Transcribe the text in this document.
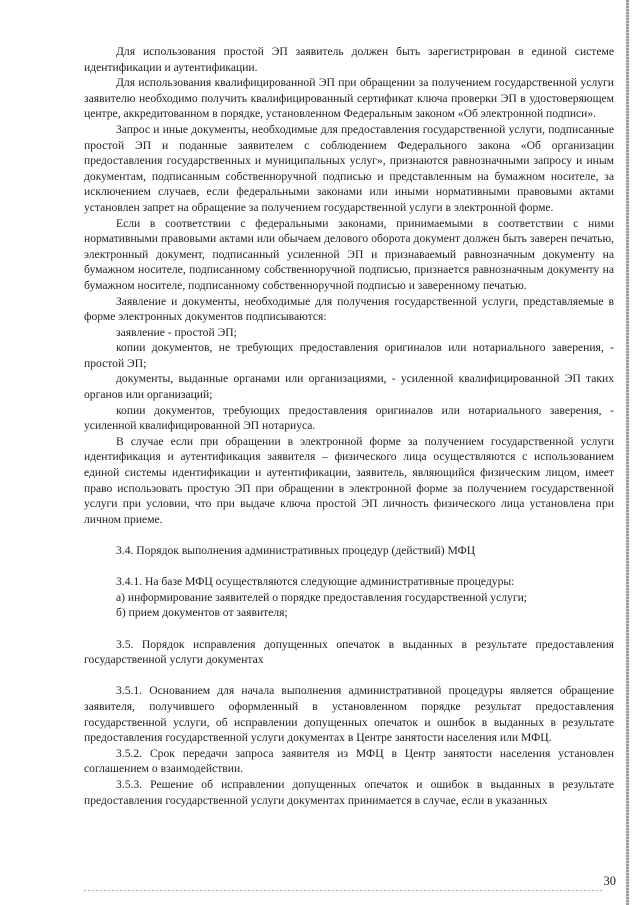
Для использования простой ЭП заявитель должен быть зарегистрирован в единой системе идентификации и аутентификации.

Для использования квалифицированной ЭП при обращении за получением государственной услуги заявителю необходимо получить квалифицированный сертификат ключа проверки ЭП в удостоверяющем центре, аккредитованном в порядке, установленном Федеральным законом «Об электронной подписи».

Запрос и иные документы, необходимые для предоставления государственной услуги, подписанные простой ЭП и поданные заявителем с соблюдением Федерального закона «Об организации предоставления государственных и муниципальных услуг», признаются равнозначными запросу и иным документам, подписанным собственноручной подписью и представленным на бумажном носителе, за исключением случаев, если федеральными законами или иными нормативными правовыми актами установлен запрет на обращение за получением государственной услуги в электронной форме.

Если в соответствии с федеральными законами, принимаемыми в соответствии с ними нормативными правовыми актами или обычаем делового оборота документ должен быть заверен печатью, электронный документ, подписанный усиленной ЭП и признаваемый равнозначным документу на бумажном носителе, подписанному собственноручной подписью, признается равнозначным документу на бумажном носителе, подписанному собственноручной подписью и заверенному печатью.

Заявление и документы, необходимые для получения государственной услуги, представляемые в форме электронных документов подписываются:

заявление - простой ЭП;

копии документов, не требующих предоставления оригиналов или нотариального заверения, - простой ЭП;

документы, выданные органами или организациями, - усиленной квалифицированной ЭП таких органов или организаций;

копии документов, требующих предоставления оригиналов или нотариального заверения, - усиленной квалифицированной ЭП нотариуса.

В случае если при обращении в электронной форме за получением государственной услуги идентификация и аутентификация заявителя – физического лица осуществляются с использованием единой системы идентификации и аутентификации, заявитель, являющийся физическим лицом, имеет право использовать простую ЭП при обращении в электронной форме за получением государственной услуги при условии, что при выдаче ключа простой ЭП личность физического лица установлена при личном приеме.

3.4. Порядок выполнения административных процедур (действий) МФЦ

3.4.1. На базе МФЦ осуществляются следующие административные процедуры:

а) информирование заявителей о порядке предоставления государственной услуги;

б) прием документов от заявителя;

3.5. Порядок исправления допущенных опечаток в выданных в результате предоставления государственной услуги документах

3.5.1. Основанием для начала выполнения административной процедуры является обращение заявителя, получившего оформленный в установленном порядке результат предоставления государственной услуги, об исправлении допущенных опечаток и ошибок в выданных в результате предоставления государственной услуги документах в Центре занятости населения или МФЦ.

3.5.2. Срок передачи запроса заявителя из МФЦ в Центр занятости населения установлен соглашением о взаимодействии.

3.5.3. Решение об исправлении допущенных опечаток и ошибок в выданных в результате предоставления государственной услуги документах принимается в случае, если в указанных

30
